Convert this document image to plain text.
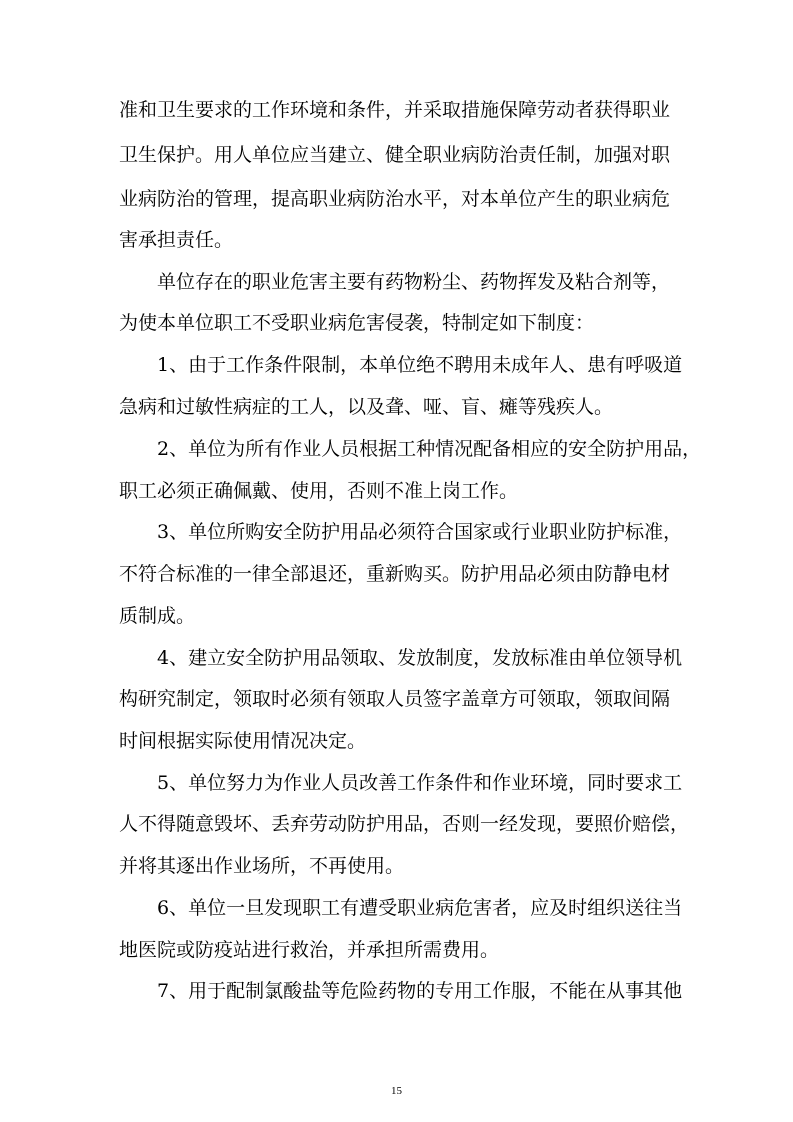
准和卫生要求的工作环境和条件，并采取措施保障劳动者获得职业
卫生保护。用人单位应当建立、健全职业病防治责任制，加强对职
业病防治的管理，提高职业病防治水平，对本单位产生的职业病危
害承担责任。
单位存在的职业危害主要有药物粉尘、药物挥发及粘合剂等，
为使本单位职工不受职业病危害侵袭，特制定如下制度：
1、由于工作条件限制，本单位绝不聘用未成年人、患有呼吸道
急病和过敏性病症的工人，以及聋、哑、盲、瘫等残疾人。
2、单位为所有作业人员根据工种情况配备相应的安全防护用品，
职工必须正确佩戴、使用，否则不准上岗工作。
3、单位所购安全防护用品必须符合国家或行业职业防护标准，
不符合标准的一律全部退还，重新购买。防护用品必须由防静电材
质制成。
4、建立安全防护用品领取、发放制度，发放标准由单位领导机
构研究制定，领取时必须有领取人员签字盖章方可领取，领取间隔
时间根据实际使用情况决定。
5、单位努力为作业人员改善工作条件和作业环境，同时要求工
人不得随意毁坏、丢弃劳动防护用品，否则一经发现，要照价赔偿，
并将其逐出作业场所，不再使用。
6、单位一旦发现职工有遭受职业病危害者，应及时组织送往当
地医院或防疫站进行救治，并承担所需费用。
7、用于配制氯酸盐等危险药物的专用工作服，不能在从事其他
15
